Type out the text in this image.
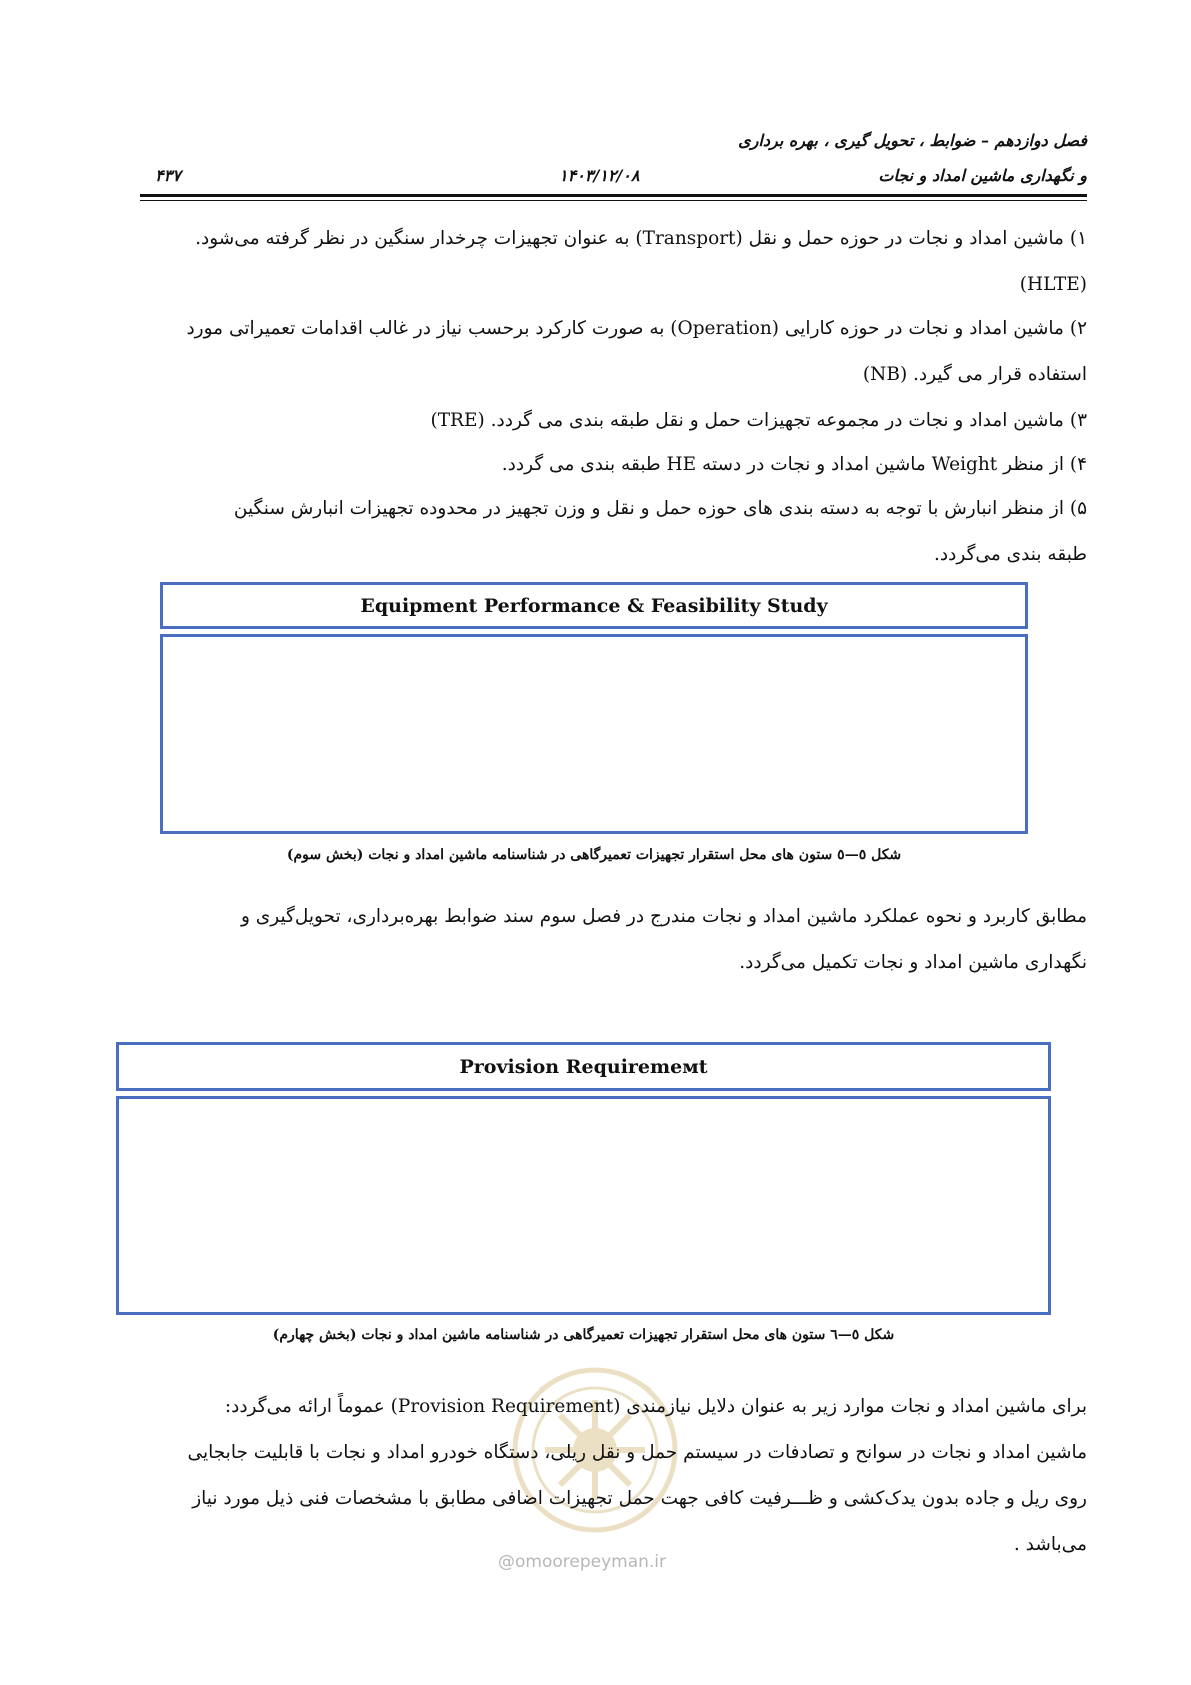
فصل دوازدهم – ضوابط ، تحویل گیری ، بهره برداری
و نگهداری ماشین امداد و نجات
۱۴۰۳/۱۲/۰۸
۴۳۷
۱) ماشین امداد و نجات در حوزه حمل و نقل (Transport) به عنوان تجهیزات چرخدار سنگین در نظر گرفته می‌شود.
(HLTE)
۲) ماشین امداد و نجات در حوزه کارایی (Operation) به صورت کارکرد برحسب نیاز در غالب اقدامات تعمیراتی مورد
استفاده قرار می گیرد. (NB)
۳) ماشین امداد و نجات در مجموعه تجهیزات حمل و نقل طبقه بندی می گردد. (TRE)
۴) از منظر Weight ماشین امداد و نجات در دسته HE طبقه بندی می گردد.
۵) از منظر انبارش با توجه به دسته بندی های حوزه حمل و نقل و وزن تجهیز در محدوده تجهیزات انبارش سنگین
طبقه بندی می‌گردد.
Equipment Performance & Feasibility Study
شکل ٥—٥ ستون های محل استقرار تجهیزات تعمیرگاهی در شناسنامه ماشین امداد و نجات (بخش سوم)
مطابق کاربرد و نحوه عملکرد ماشین امداد و نجات مندرج در فصل سوم سند ضوابط بهره‌برداری، تحویل‌گیری و
نگهداری ماشین امداد و نجات تکمیل می‌گردد.
Provision Requiremeмt
شکل ٥—٦ ستون های محل استقرار تجهیزات تعمیرگاهی در شناسنامه ماشین امداد و نجات (بخش چهارم)
@omoorepeyman.ir
برای ماشین امداد و نجات موارد زیر به عنوان دلایل نیازمندی (Provision Requirement) عموماً ارائه می‌گردد:
ماشین امداد و نجات در سوانح و تصادفات در سیستم حمل و نقل ریلی، دستگاه خودرو امداد و نجات با قابلیت جابجایی
روی ریل و جاده بدون یدک‌کشی و ظـــرفیت کافی جهت حمل تجهیزات اضافی مطابق با مشخصات فنی ذیل مورد نیاز
می‌باشد .
